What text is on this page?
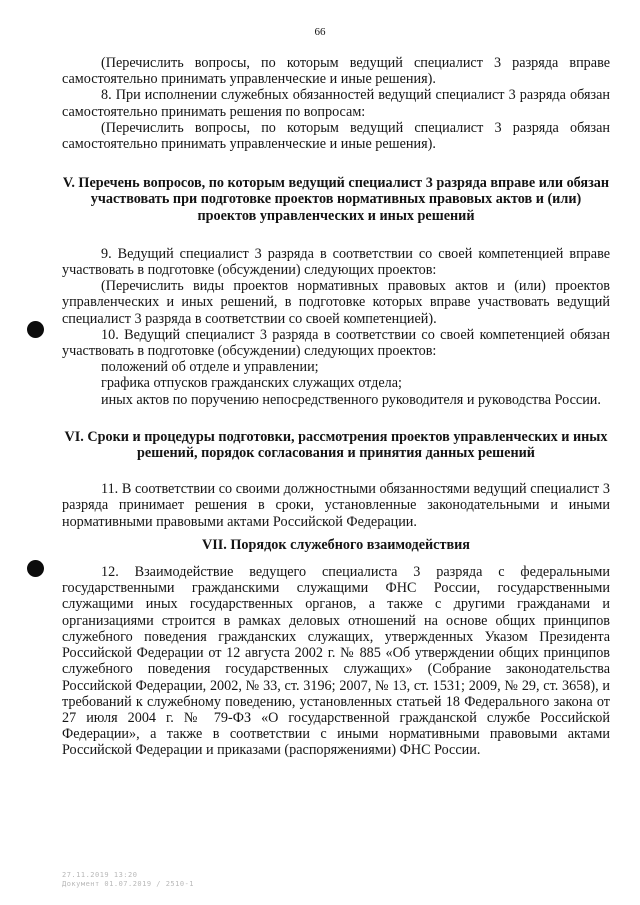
66

(Перечислить вопросы, по которым ведущий специалист 3 разряда вправе самостоятельно принимать управленческие и иные решения).

8. При исполнении служебных обязанностей ведущий специалист 3 разряда обязан самостоятельно принимать решения по вопросам:

(Перечислить вопросы, по которым ведущий специалист 3 разряда обязан самостоятельно принимать управленческие и иные решения).

V. Перечень вопросов, по которым ведущий специалист 3 разряда вправе или обязан участвовать при подготовке проектов нормативных правовых актов и (или) проектов управленческих и иных решений

9. Ведущий специалист 3 разряда в соответствии со своей компетенцией вправе участвовать в подготовке (обсуждении) следующих проектов:

(Перечислить виды проектов нормативных правовых актов и (или) проектов управленческих и иных решений, в подготовке которых вправе участвовать ведущий специалист 3 разряда в соответствии со своей компетенцией).

10. Ведущий специалист 3 разряда в соответствии со своей компетенцией обязан участвовать в подготовке (обсуждении) следующих проектов:

положений об отделе и управлении;

графика отпусков гражданских служащих отдела;

иных актов по поручению непосредственного руководителя и руководства России.

VI. Сроки и процедуры подготовки, рассмотрения проектов управленческих и иных решений, порядок согласования и принятия данных решений

11. В соответствии со своими должностными обязанностями ведущий специалист 3 разряда принимает решения в сроки, установленные законодательными и иными нормативными правовыми актами Российской Федерации.

VII. Порядок служебного взаимодействия

12. Взаимодействие ведущего специалиста 3 разряда с федеральными государственными гражданскими служащими ФНС России, государственными служащими иных государственных органов, а также с другими гражданами и организациями строится в рамках деловых отношений на основе общих принципов служебного поведения гражданских служащих, утвержденных Указом Президента Российской Федерации от 12 августа 2002 г. № 885 «Об утверждении общих принципов служебного поведения государственных служащих» (Собрание законодательства Российской Федерации, 2002, № 33, ст. 3196; 2007, № 13, ст. 1531; 2009, № 29, ст. 3658), и требований к служебному поведению, установленных статьей 18 Федерального закона от 27 июля 2004 г. № 79-ФЗ «О государственной гражданской службе Российской Федерации», а также в соответствии с иными нормативными правовыми актами Российской Федерации и приказами (распоряжениями) ФНС России.

27.11.2019 13:20
Документ 01.07.2019 / 2510-1
